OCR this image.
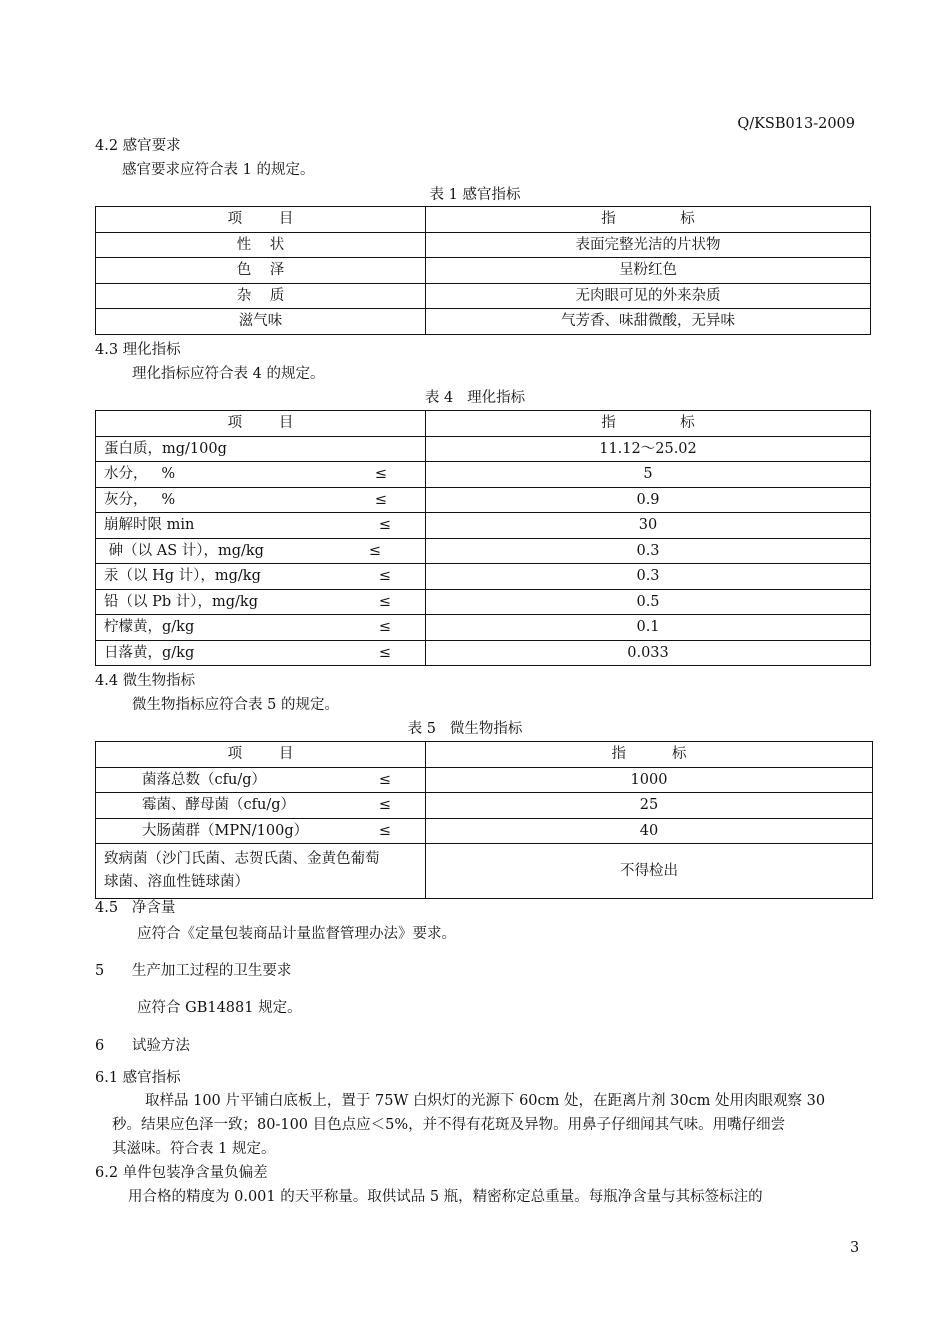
Q/KSB013-2009
4.2 感官要求
感官要求应符合表 1 的规定。
表 1 感官指标
项        目	指              标
性    状	表面完整光洁的片状物
色    泽	呈粉红色
杂    质	无肉眼可见的外来杂质
滋气味	气芳香、味甜微酸，无异味
4.3 理化指标
理化指标应符合表 4 的规定。
表 4   理化指标
项        目	指              标
蛋白质，mg/100g	11.12～25.02

水分，   % ≤	5

灰分，   % ≤	0.9

崩解时限 min ≤	30

砷（以 AS 计），mg/kg ≤	0.3

汞（以 Hg 计），mg/kg ≤	0.3

铅（以 Pb 计），mg/kg ≤	0.5

柠檬黄，g/kg ≤	0.1

日落黄，g/kg ≤	0.033
4.4 微生物指标
微生物指标应符合表 5 的规定。
表 5   微生物指标
项        目	指          标

菌落总数（cfu/g） ≤	1000

霉菌、酵母菌（cfu/g） ≤	25

大肠菌群（MPN/100g） ≤	40

致病菌（沙门氏菌、志贺氏菌、金黄色葡萄
球菌、溶血性链球菌）	不得检出
4.5   净含量
应符合《定量包装商品计量监督管理办法》要求。
5      生产加工过程的卫生要求
应符合 GB14881 规定。
6      试验方法
6.1 感官指标
取样品 100 片平铺白底板上，置于 75W 白炽灯的光源下 60cm 处，在距离片剂 30cm 处用肉眼观察 30
秒。结果应色泽一致；80-100 目色点应＜5%，并不得有花斑及异物。用鼻子仔细闻其气味。用嘴仔细尝
其滋味。符合表 1 规定。
6.2 单件包装净含量负偏差
用合格的精度为 0.001 的天平称量。取供试品 5 瓶，精密称定总重量。每瓶净含量与其标签标注的
3
